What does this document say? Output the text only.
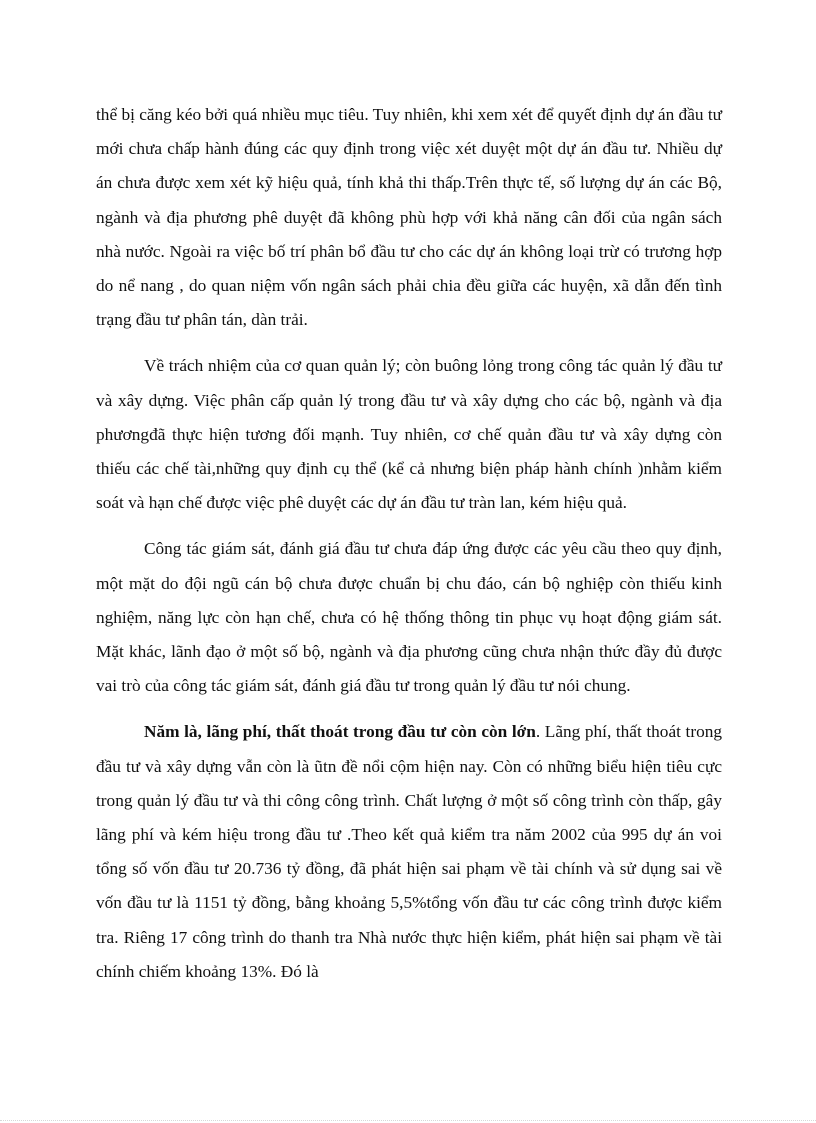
thể bị căng kéo bởi quá nhiều mục tiêu. Tuy nhiên, khi xem xét để quyết định dự án đầu tư mới chưa chấp hành đúng các quy định trong việc xét duyệt một dự án đầu tư. Nhiều dự án chưa được xem xét kỹ hiệu quả, tính khả thi thấp.Trên thực tế, số lượng dự án các Bộ, ngành và địa phương phê duyệt đã không phù hợp với khả năng cân đối của ngân sách nhà nước. Ngoài ra việc bố trí phân bổ đầu tư cho các dự án không loại trừ có trương hợp do nể nang , do quan niệm vốn ngân sách phải chia đều giữa các huyện, xã dẫn đến tình trạng đầu tư phân tán, dàn trải.

Về trách nhiệm của cơ quan quản lý; còn buông lỏng trong công tác quản lý đầu tư và xây dựng. Việc phân cấp quản lý trong đầu tư và xây dựng cho các bộ, ngành và địa phươngđã thực hiện tương đối mạnh. Tuy nhiên, cơ chế quản đầu tư và xây dựng còn thiếu các chế tài,những quy định cụ thể (kể cả nhưng biện pháp hành chính )nhằm kiểm soát và hạn chế được việc phê duyệt các dự án đầu tư tràn lan, kém hiệu quả.

Công tác giám sát, đánh giá đầu tư chưa đáp ứng được các yêu cầu theo quy định, một mặt do đội ngũ cán bộ chưa được chuẩn bị chu đáo, cán bộ nghiệp còn thiếu kinh nghiệm, năng lực còn hạn chế, chưa có hệ thống thông tin phục vụ hoạt động giám sát. Mặt khác, lãnh đạo ở một số bộ, ngành và địa phương cũng chưa nhận thức đầy đủ được vai trò của công tác giám sát, đánh giá đầu tư trong quản lý đầu tư nói chung.

Năm là, lãng phí, thất thoát trong đầu tư còn còn lớn. Lãng phí, thất thoát trong đầu tư và xây dựng vẫn còn là ũtn đề nổi cộm hiện nay. Còn có những biểu hiện tiêu cực trong quản lý đầu tư và thi công công trình. Chất lượng ở một số công trình còn thấp, gây lãng phí và kém hiệu trong đầu tư .Theo kết quả kiểm tra năm 2002 của 995 dự án voi tổng số vốn đầu tư 20.736 tỷ đồng, đã phát hiện sai phạm về tài chính và sử dụng sai về vốn đầu tư là 1151 tỷ đồng, bằng khoảng 5,5%tổng vốn đầu tư các công trình được kiểm tra. Riêng 17 công trình do thanh tra Nhà nước thực hiện kiểm, phát hiện sai phạm về tài chính chiếm khoảng 13%. Đó là
